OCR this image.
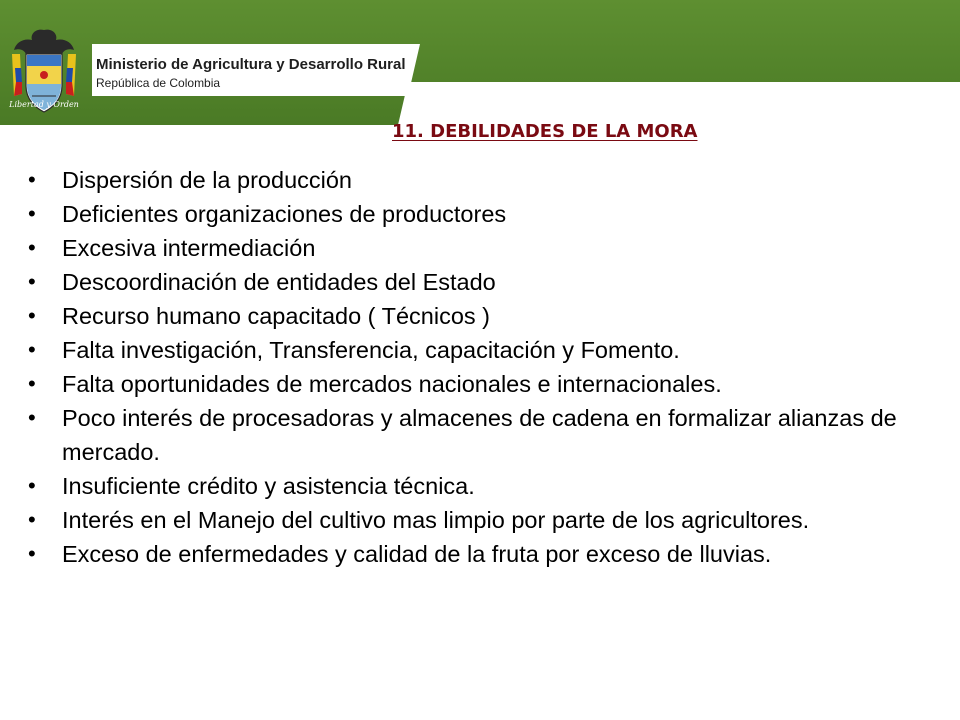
Libertad y Orden
Ministerio de Agricultura y Desarrollo Rural
República de Colombia
11. DEBILIDADES DE LA MORA
•	Dispersión de la producción
•	Deficientes organizaciones de productores
•	Excesiva intermediación
•	Descoordinación de entidades del Estado
•	Recurso humano capacitado ( Técnicos )
•	Falta investigación, Transferencia, capacitación y Fomento.
•	Falta oportunidades de mercados nacionales e internacionales.
•	Poco interés de procesadoras y almacenes de cadena en formalizar alianzas de mercado.
•	Insuficiente crédito y asistencia técnica.
•	Interés en el Manejo del cultivo mas limpio por parte de los agricultores.
•	Exceso de enfermedades y calidad de la fruta por exceso de lluvias.
